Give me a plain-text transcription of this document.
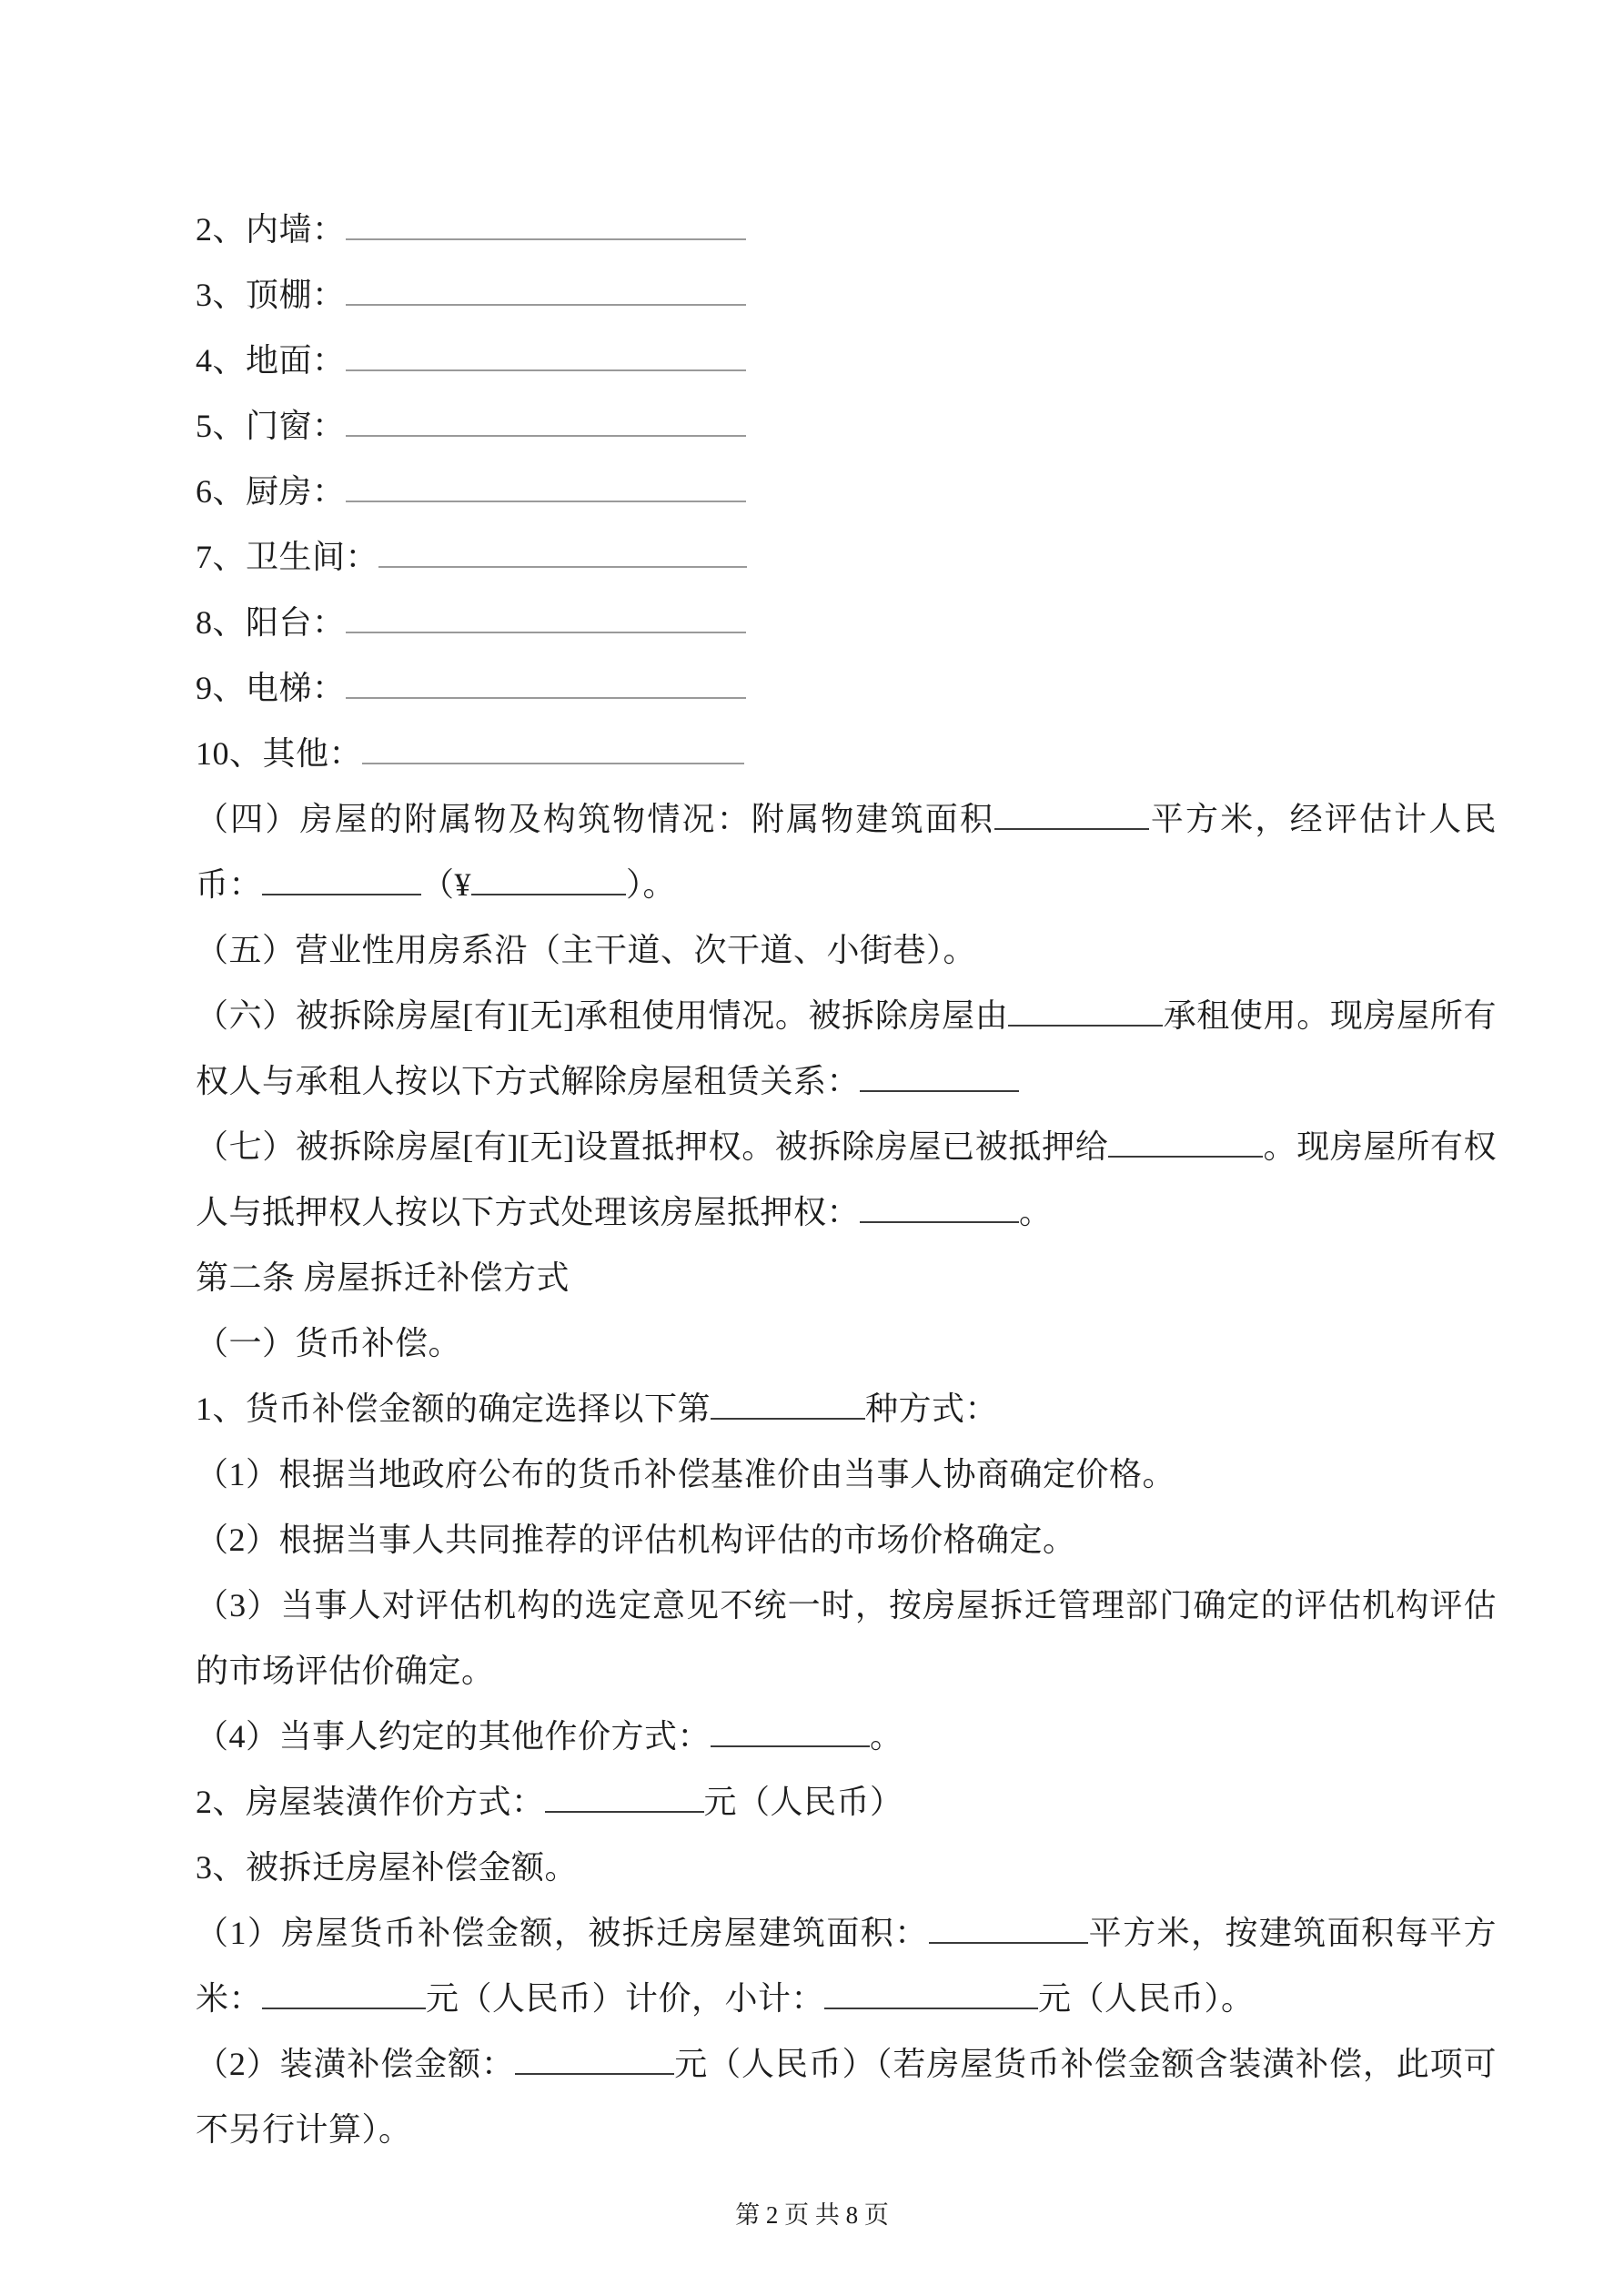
2、内墙：

3、顶棚：

4、地面：

5、门窗：

6、厨房：

7、卫生间：

8、阳台：

9、电梯：

10、其他：

（四）房屋的附属物及构筑物情况：附属物建筑面积	平方米，经评估计人民币：	（¥	）。

（五）营业性用房系沿（主干道、次干道、小街巷）。

（六）被拆除房屋[有][无]承租使用情况。被拆除房屋由	承租使用。现房屋所有权人与承租人按以下方式解除房屋租赁关系：

（七）被拆除房屋[有][无]设置抵押权。被拆除房屋已被抵押给	。现房屋所有权人与抵押权人按以下方式处理该房屋抵押权：	。

第二条 房屋拆迁补偿方式

（一）货币补偿。

1、货币补偿金额的确定选择以下第	种方式：

（1）根据当地政府公布的货币补偿基准价由当事人协商确定价格。

（2）根据当事人共同推荐的评估机构评估的市场价格确定。

（3）当事人对评估机构的选定意见不统一时，按房屋拆迁管理部门确定的评估机构评估的市场评估价确定。

（4）当事人约定的其他作价方式：	。

2、房屋装潢作价方式：	元（人民币）

3、被拆迁房屋补偿金额。

（1）房屋货币补偿金额，被拆迁房屋建筑面积：	平方米，按建筑面积每平方米：	元（人民币）计价，小计：	元（人民币）。

（2）装潢补偿金额：	元（人民币）（若房屋货币补偿金额含装潢补偿，此项可不另行计算）。

第 2 页 共 8 页
